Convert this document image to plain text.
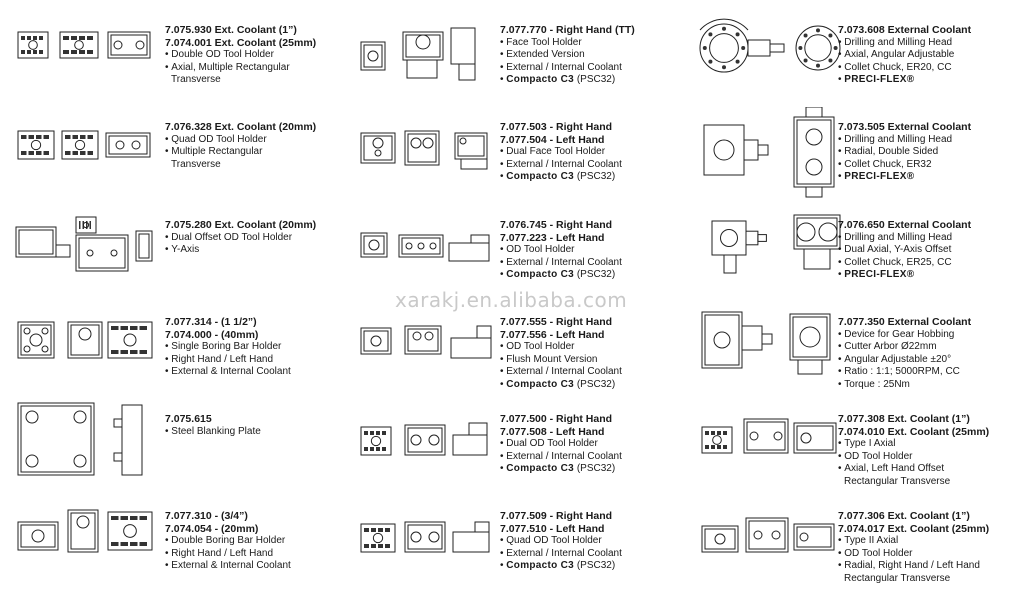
xarakj.en.alibaba.com
7.075.930 Ext. Coolant (1”)
7.074.001 Ext. Coolant (25mm)
• Double OD Tool Holder
• Axial, Multiple Rectangular
Transverse
7.076.328 Ext. Coolant (20mm)
• Quad OD Tool Holder
• Multiple Rectangular
Transverse
7.075.280 Ext. Coolant (20mm)
• Dual Offset OD Tool Holder
• Y-Axis
7.077.314 - (1 1/2”)
7.074.000 - (40mm)
• Single Boring Bar Holder
• Right Hand / Left Hand
• External & Internal Coolant
7.075.615
• Steel Blanking Plate
7.077.310 - (3/4”)
7.074.054 - (20mm)
• Double Boring Bar Holder
• Right Hand / Left Hand
• External & Internal Coolant
7.077.770 - Right Hand (TT)
• Face Tool Holder
• Extended Version
• External / Internal Coolant
• Compacto C3 (PSC32)
7.077.503 - Right Hand
7.077.504 - Left Hand
• Dual Face Tool Holder
• External / Internal Coolant
• Compacto C3 (PSC32)
7.076.745 - Right Hand
7.077.223 - Left Hand
• OD Tool Holder
• External / Internal Coolant
• Compacto C3 (PSC32)
7.077.555 - Right Hand
7.077.556 - Left Hand
• OD Tool Holder
• Flush Mount Version
• External / Internal Coolant
• Compacto C3 (PSC32)
7.077.500 - Right Hand
7.077.508 - Left Hand
• Dual OD Tool Holder
• External / Internal Coolant
• Compacto C3 (PSC32)
7.077.509 - Right Hand
7.077.510 - Left Hand
• Quad OD Tool Holder
• External / Internal Coolant
• Compacto C3 (PSC32)
7.073.608 External Coolant
• Drilling and Milling Head
• Axial, Angular Adjustable
• Collet Chuck, ER20, CC
• PRECI-FLEX®
7.073.505 External Coolant
• Drilling and Milling Head
• Radial, Double Sided
• Collet Chuck, ER32
• PRECI-FLEX®
7.076.650 External Coolant
• Drilling and Milling Head
• Dual Axial, Y-Axis Offset
• Collet Chuck, ER25, CC
• PRECI-FLEX®
7.077.350 External Coolant
• Device for Gear Hobbing
• Cutter Arbor Ø22mm
• Angular Adjustable ±20°
• Ratio : 1:1; 5000RPM, CC
• Torque : 25Nm
7.077.308 Ext. Coolant (1”)
7.074.010 Ext. Coolant (25mm)
• Type I Axial
• OD Tool Holder
• Axial, Left Hand Offset
Rectangular Transverse
7.077.306 Ext. Coolant (1”)
7.074.017 Ext. Coolant (25mm)
• Type II Axial
• OD Tool Holder
• Radial, Right Hand / Left Hand
Rectangular Transverse
